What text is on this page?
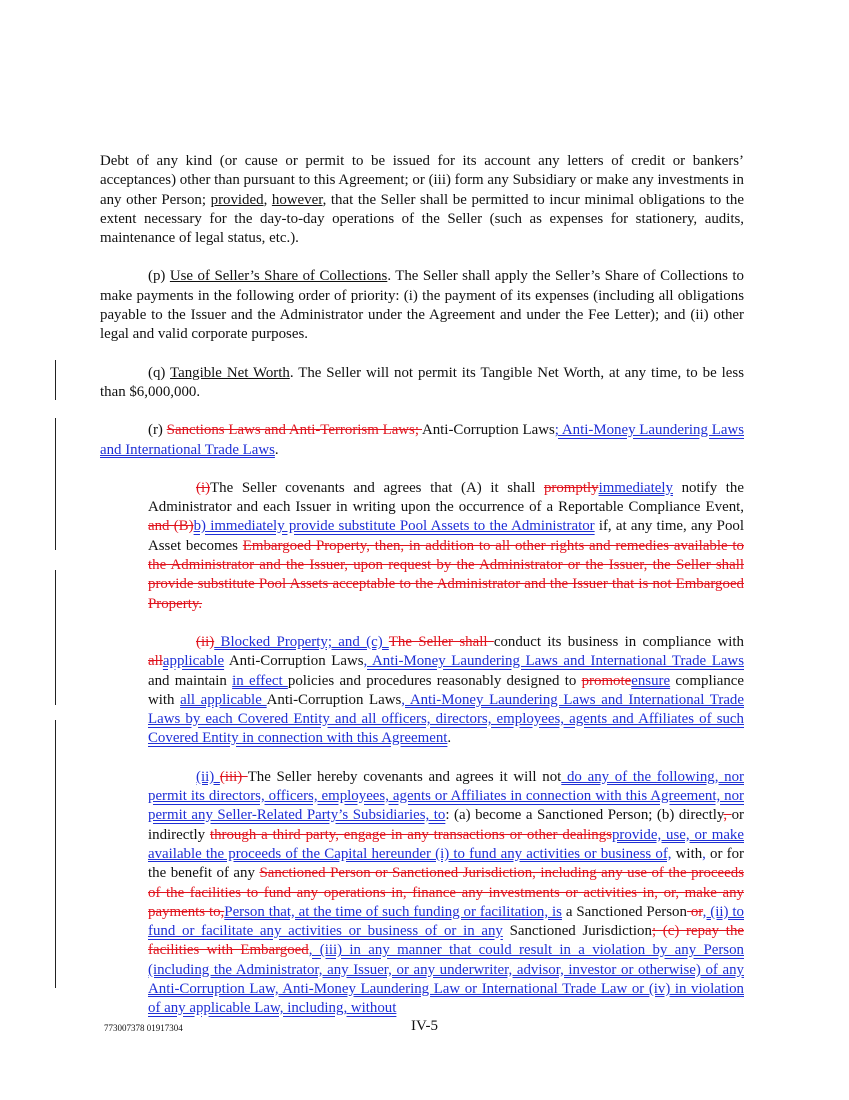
Debt of any kind (or cause or permit to be issued for its account any letters of credit or bankers’ acceptances) other than pursuant to this Agreement; or (iii) form any Subsidiary or make any investments in any other Person; provided, however, that the Seller shall be permitted to incur minimal obligations to the extent necessary for the day-to-day operations of the Seller (such as expenses for stationery, audits, maintenance of legal status, etc.).

(p) Use of Seller’s Share of Collections. The Seller shall apply the Seller’s Share of Collections to make payments in the following order of priority: (i) the payment of its expenses (including all obligations payable to the Issuer and the Administrator under the Agreement and under the Fee Letter); and (ii) other legal and valid corporate purposes.

(q) Tangible Net Worth. The Seller will not permit its Tangible Net Worth, at any time, to be less than $6,000,000.

(r) Sanctions Laws and Anti-Terrorism Laws; Anti-Corruption Laws; Anti-Money Laundering Laws and International Trade Laws.

(i)The Seller covenants and agrees that (A) it shall promptlyimmediately notify the Administrator and each Issuer in writing upon the occurrence of a Reportable Compliance Event, and (B)b) immediately provide substitute Pool Assets to the Administrator if, at any time, any Pool Asset becomes Embargoed Property, then, in addition to all other rights and remedies available to the Administrator and the Issuer, upon request by the Administrator or the Issuer, the Seller shall provide substitute Pool Assets acceptable to the Administrator and the Issuer that is not Embargoed Property.

(ii) Blocked Property; and (c) The Seller shall conduct its business in compliance with allapplicable Anti-Corruption Laws, Anti-Money Laundering Laws and International Trade Laws and maintain in effect policies and procedures reasonably designed to promoteensure compliance with all applicable Anti-Corruption Laws, Anti-Money Laundering Laws and International Trade Laws by each Covered Entity and all officers, directors, employees, agents and Affiliates of such Covered Entity in connection with this Agreement.

(ii) (iii) The Seller hereby covenants and agrees it will not do any of the following, nor permit its directors, officers, employees, agents or Affiliates in connection with this Agreement, nor permit any Seller-Related Party’s Subsidiaries, to: (a) become a Sanctioned Person; (b) directly, or indirectly through a third party, engage in any transactions or other dealingsprovide, use, or make available the proceeds of the Capital hereunder (i) to fund any activities or business of, with, or for the benefit of any Sanctioned Person or Sanctioned Jurisdiction, including any use of the proceeds of the facilities to fund any operations in, finance any investments or activities in, or, make any payments to,Person that, at the time of such funding or facilitation, is a Sanctioned Person or, (ii) to fund or facilitate any activities or business of or in any Sanctioned Jurisdiction; (c) repay the facilities with Embargoed, (iii) in any manner that could result in a violation by any Person (including the Administrator, any Issuer, or any underwriter, advisor, investor or otherwise) of any Anti-Corruption Law, Anti-Money Laundering Law or International Trade Law or (iv) in violation of any applicable Law, including, without

773007378 01917304	IV-5
